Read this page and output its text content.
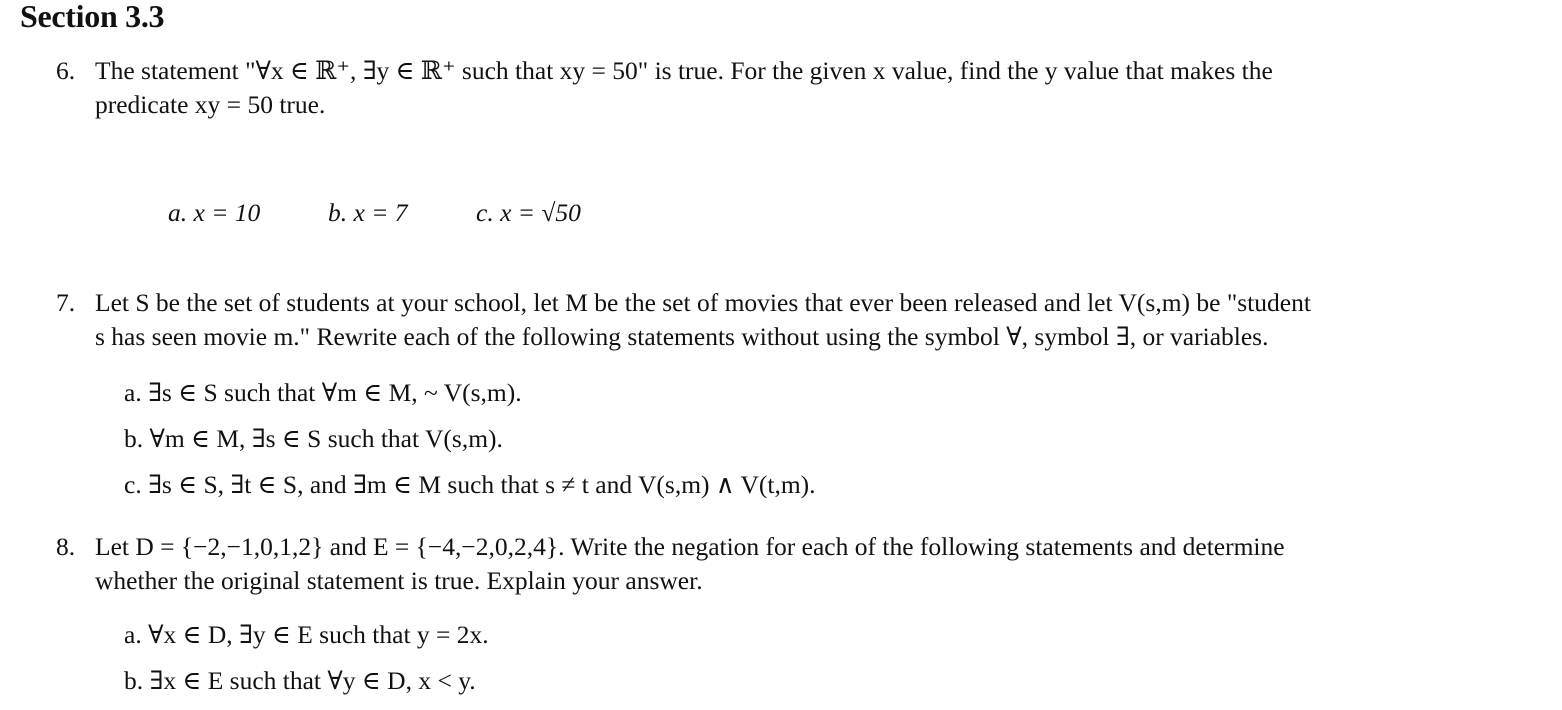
Section 3.3
6. The statement "∀x ∈ ℝ⁺, ∃y ∈ ℝ⁺ such that xy = 50" is true. For the given x value, find the y value that makes the
predicate xy = 50 true.

a. x = 10

	b. x = 7

	c. x = √50

7. Let S be the set of students at your school, let M be the set of movies that ever been released and let V(s,m) be "student
s has seen movie m." Rewrite each of the following statements without using the symbol ∀, symbol ∃, or variables.
a. ∃s ∈ S such that ∀m ∈ M, ~ V(s,m).
b. ∀m ∈ M, ∃s ∈ S such that V(s,m).
c. ∃s ∈ S, ∃t ∈ S, and ∃m ∈ M such that s ≠ t and V(s,m) ∧ V(t,m).
8. Let D = {−2,−1,0,1,2} and E = {−4,−2,0,2,4}. Write the negation for each of the following statements and determine
whether the original statement is true. Explain your answer.
a. ∀x ∈ D, ∃y ∈ E such that y = 2x.
b. ∃x ∈ E such that ∀y ∈ D, x < y.
